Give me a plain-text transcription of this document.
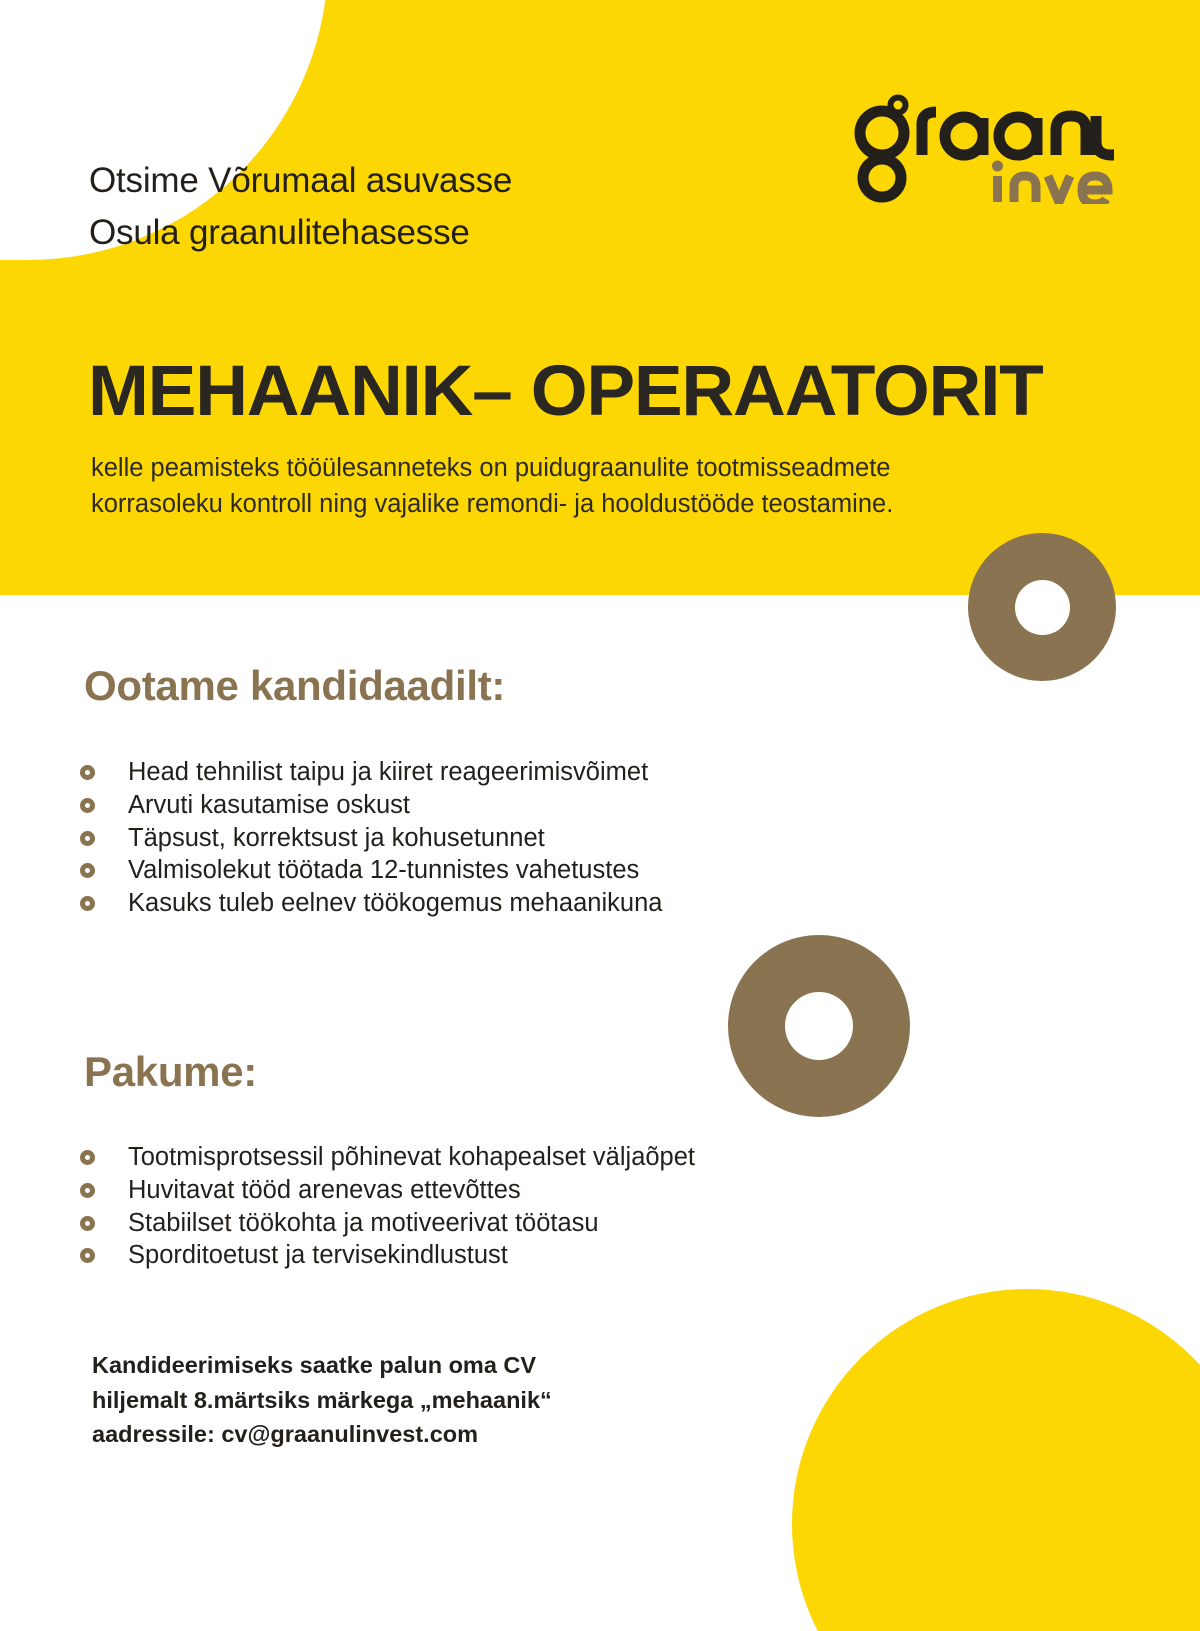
Otsime Võrumaal asuvasse
Osula graanulitehasesse
MEHAANIK– OPERAATORIT
kelle peamisteks tööülesanneteks on puidugraanulite tootmisseadmete
korrasoleku kontroll ning vajalike remondi- ja hooldustööde teostamine.
Ootame kandidaadilt:
Head tehnilist taipu ja kiiret reageerimisvõimet
Arvuti kasutamise oskust
Täpsust, korrektsust ja kohusetunnet
Valmisolekut töötada 12-tunnistes vahetustes
Kasuks tuleb eelnev töökogemus mehaanikuna
Pakume:
Tootmisprotsessil põhinevat kohapealset väljaõpet
Huvitavat tööd arenevas ettevõttes
Stabiilset töökohta ja motiveerivat töötasu
Sporditoetust ja tervisekindlustust
Kandideerimiseks saatke palun oma CV
hiljemalt 8.märtsiks märkega „mehaanik“
aadressile: cv@graanulinvest.com
